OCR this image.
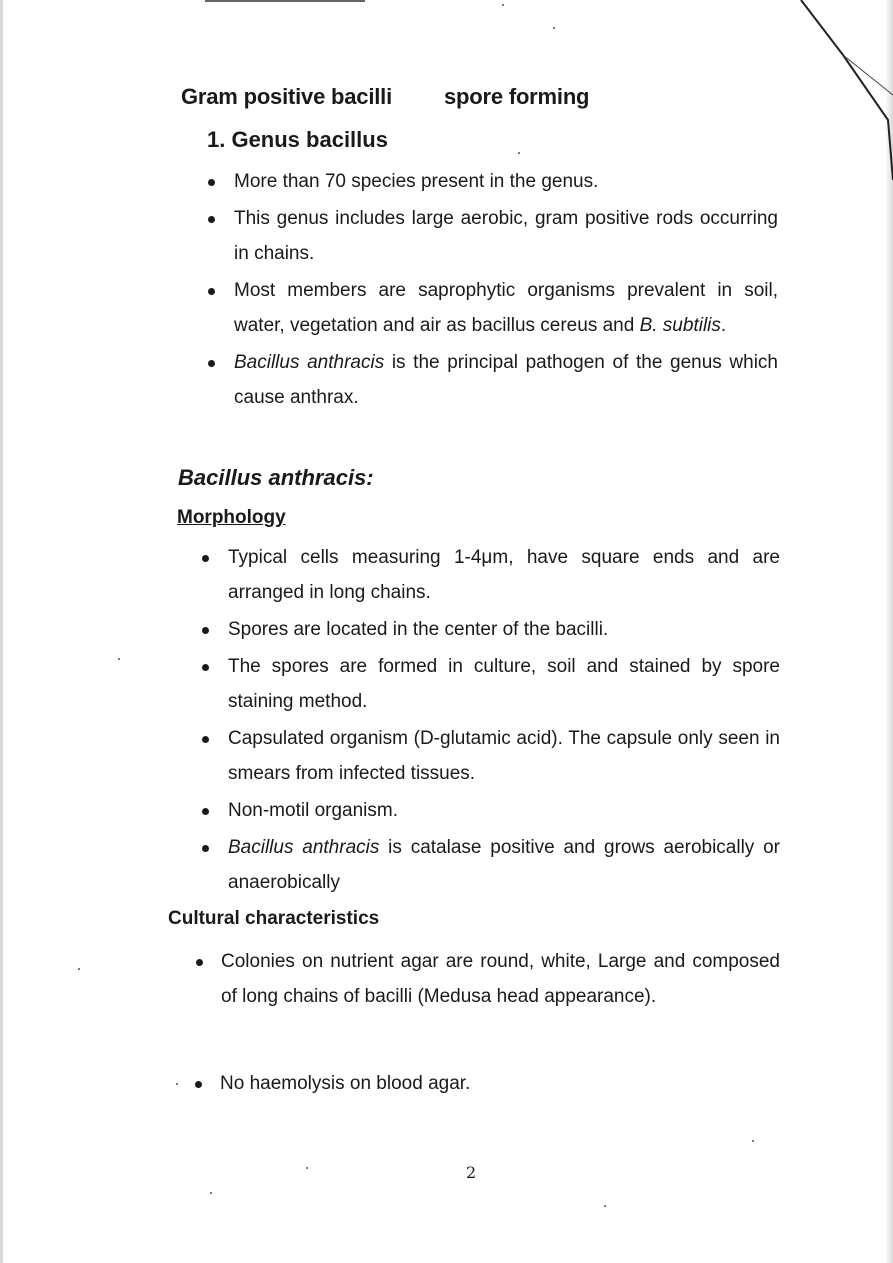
Gram positive bacilli spore forming
1. Genus bacillus
More than 70 species present in the genus.
This genus includes large aerobic, gram positive rods occurring in chains.
Most members are saprophytic organisms prevalent in soil, water, vegetation and air as bacillus cereus and B. subtilis.
Bacillus anthracis is the principal pathogen of the genus which cause anthrax.
Bacillus anthracis:
Morphology
Typical cells measuring 1-4μm, have square ends and are arranged in long chains.
Spores are located in the center of the bacilli.
The spores are formed in culture, soil and stained by spore staining method.
Capsulated organism (D-glutamic acid). The capsule only seen in smears from infected tissues.
Non-motil organism.
Bacillus anthracis is catalase positive and grows aerobically or anaerobically
Cultural characteristics
Colonies on nutrient agar are round, white, Large and composed of long chains of bacilli (Medusa head appearance).
No haemolysis on blood agar.
2
